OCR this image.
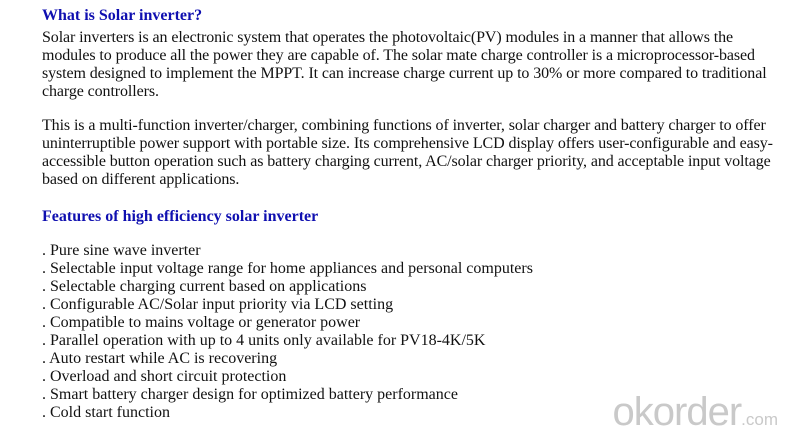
What is Solar inverter?

Solar inverters is an electronic system that operates the photovoltaic(PV) modules in a manner that allows the modules to produce all the power they are capable of. The solar mate charge controller is a microprocessor-based system designed to implement the MPPT. It can increase charge current up to 30% or more compared to traditional charge controllers.

This is a multi-function inverter/charger, combining functions of inverter, solar charger and battery charger to offer uninterruptible power support with portable size. Its comprehensive LCD display offers user-configurable and easy-accessible button operation such as battery charging current, AC/solar charger priority, and acceptable input voltage based on different applications.

Features of high efficiency solar inverter
. Pure sine wave inverter
. Selectable input voltage range for home appliances and personal computers
. Selectable charging current based on applications
. Configurable AC/Solar input priority via LCD setting
. Compatible to mains voltage or generator power
. Parallel operation with up to 4 units only available for PV18-4K/5K
. Auto restart while AC is recovering
. Overload and short circuit protection
. Smart battery charger design for optimized battery performance
. Cold start function	okorder.com
